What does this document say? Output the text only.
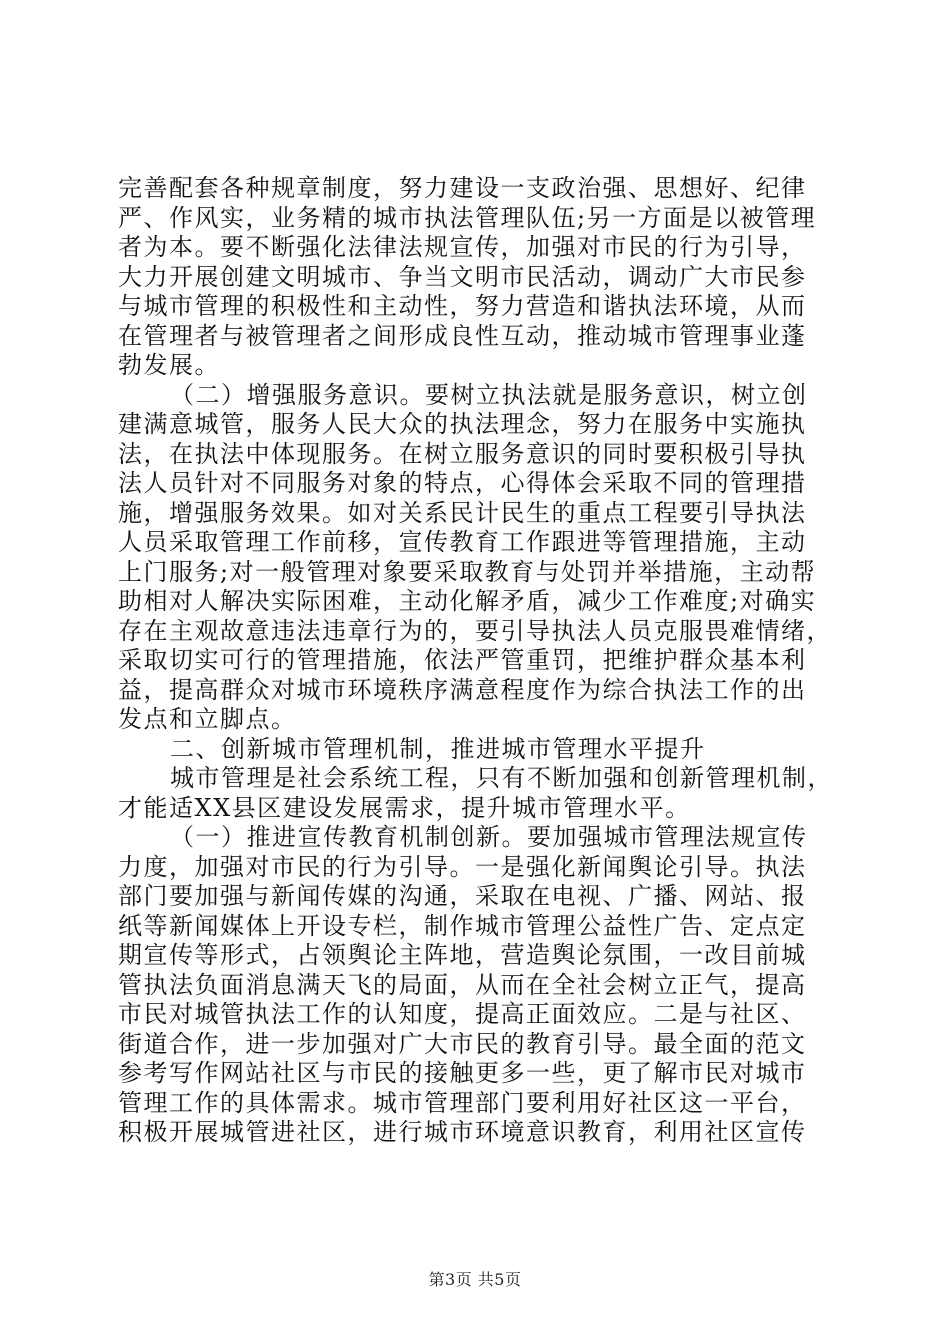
完善配套各种规章制度，努力建设一支政治强、思想好、纪律
严、作风实，业务精的城市执法管理队伍;另一方面是以被管理
者为本。要不断强化法律法规宣传，加强对市民的行为引导，
大力开展创建文明城市、争当文明市民活动，调动广大市民参
与城市管理的积极性和主动性，努力营造和谐执法环境，从而
在管理者与被管理者之间形成良性互动，推动城市管理事业蓬
勃发展。
（二）增强服务意识。要树立执法就是服务意识，树立创
建满意城管，服务人民大众的执法理念，努力在服务中实施执
法，在执法中体现服务。在树立服务意识的同时要积极引导执
法人员针对不同服务对象的特点，心得体会采取不同的管理措
施，增强服务效果。如对关系民计民生的重点工程要引导执法
人员采取管理工作前移，宣传教育工作跟进等管理措施，主动
上门服务;对一般管理对象要采取教育与处罚并举措施，主动帮
助相对人解决实际困难，主动化解矛盾，减少工作难度;对确实
存在主观故意违法违章行为的，要引导执法人员克服畏难情绪，
采取切实可行的管理措施，依法严管重罚，把维护群众基本利
益，提高群众对城市环境秩序满意程度作为综合执法工作的出
发点和立脚点。
二、创新城市管理机制，推进城市管理水平提升
城市管理是社会系统工程，只有不断加强和创新管理机制，
才能适XX县区建设发展需求，提升城市管理水平。
（一）推进宣传教育机制创新。要加强城市管理法规宣传
力度，加强对市民的行为引导。一是强化新闻舆论引导。执法
部门要加强与新闻传媒的沟通，采取在电视、广播、网站、报
纸等新闻媒体上开设专栏，制作城市管理公益性广告、定点定
期宣传等形式，占领舆论主阵地，营造舆论氛围，一改目前城
管执法负面消息满天飞的局面，从而在全社会树立正气，提高
市民对城管执法工作的认知度，提高正面效应。二是与社区、
街道合作，进一步加强对广大市民的教育引导。最全面的范文
参考写作网站社区与市民的接触更多一些，更了解市民对城市
管理工作的具体需求。城市管理部门要利用好社区这一平台，
积极开展城管进社区，进行城市环境意识教育，利用社区宣传
第3页 共5页
